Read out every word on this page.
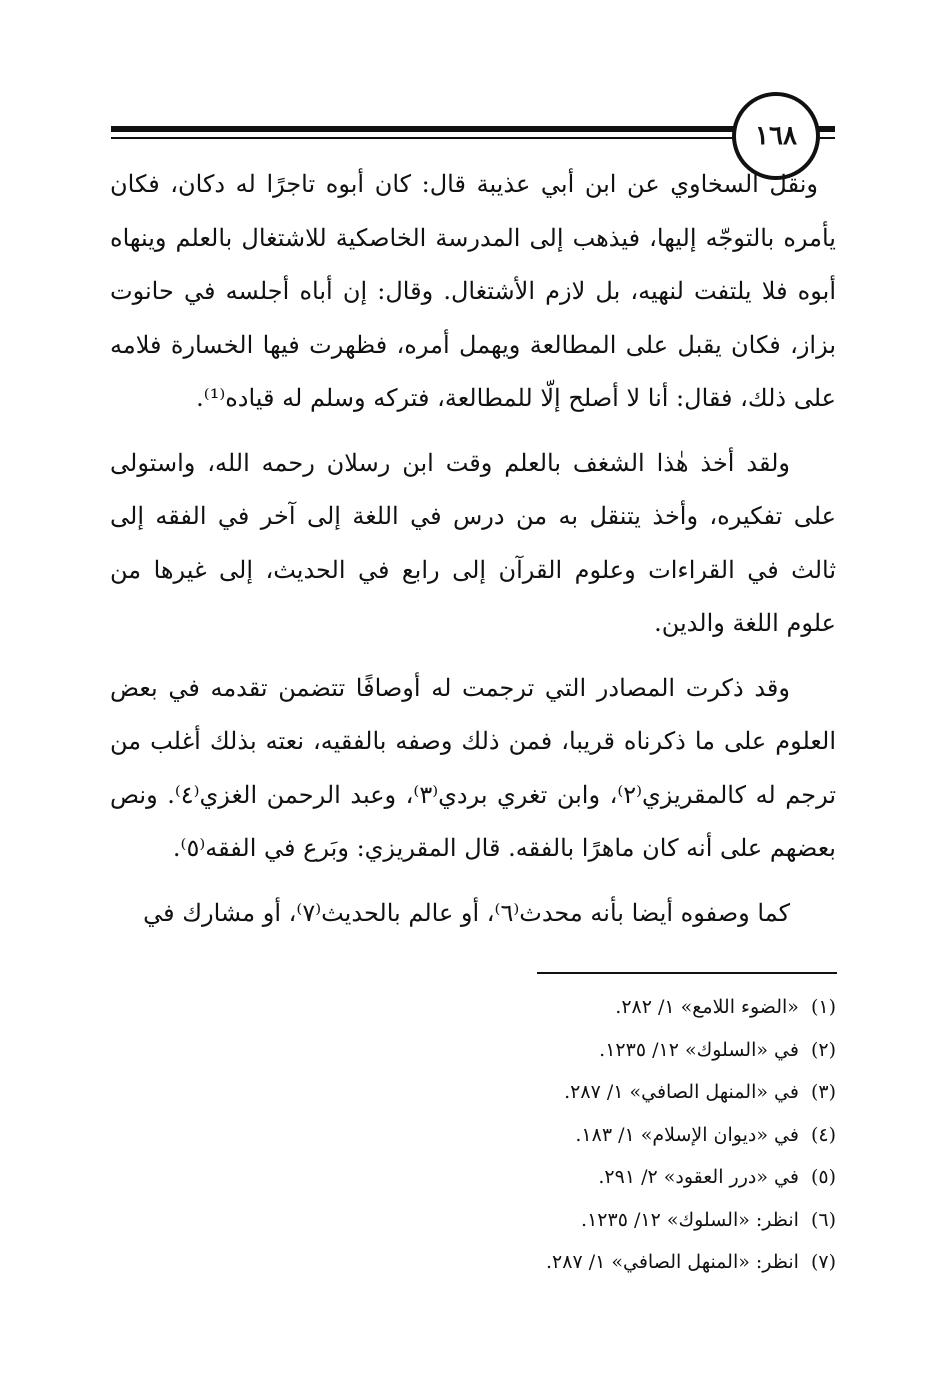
١٦٨

ونقل السخاوي عن ابن أبي عذيبة قال: كان أبوه تاجرًا له دكان، فكان يأمره بالتوجّه إليها، فيذهب إلى المدرسة الخاصكية للاشتغال بالعلم وينهاه أبوه فلا يلتفت لنهيه، بل لازم الأشتغال. وقال: إن أباه أجلسه في حانوت بزاز، فكان يقبل على المطالعة ويهمل أمره، فظهرت فيها الخسارة فلامه على ذلك، فقال: أنا لا أصلح إلّا للمطالعة، فتركه وسلم له قياده⁽¹⁾.

ولقد أخذ هٰذا الشغف بالعلم وقت ابن رسلان رحمه الله، واستولى على تفكيره، وأخذ يتنقل به من درس في اللغة إلى آخر في الفقه إلى ثالث في القراءات وعلوم القرآن إلى رابع في الحديث، إلى غيرها من علوم اللغة والدين.

وقد ذكرت المصادر التي ترجمت له أوصافًا تتضمن تقدمه في بعض العلوم على ما ذكرناه قريبا، فمن ذلك وصفه بالفقيه، نعته بذلك أغلب من ترجم له كالمقريزي⁽٢⁾، وابن تغري بردي⁽٣⁾، وعبد الرحمن الغزي⁽٤⁾. ونص بعضهم على أنه كان ماهرًا بالفقه. قال المقريزي: وبَرع في الفقه⁽٥⁾.

كما وصفوه أيضا بأنه محدث⁽٦⁾، أو عالم بالحديث⁽٧⁾، أو مشارك في

(١)«الضوء اللامع» ١/ ٢٨٢.
(٢)في «السلوك» ١٢/ ١٢٣٥.
(٣)في «المنهل الصافي» ١/ ٢٨٧.
(٤)في «ديوان الإسلام» ١/ ١٨٣.
(٥)في «درر العقود» ٢/ ٢٩١.
(٦)انظر: «السلوك» ١٢/ ١٢٣٥.
(٧)انظر: «المنهل الصافي» ١/ ٢٨٧.
